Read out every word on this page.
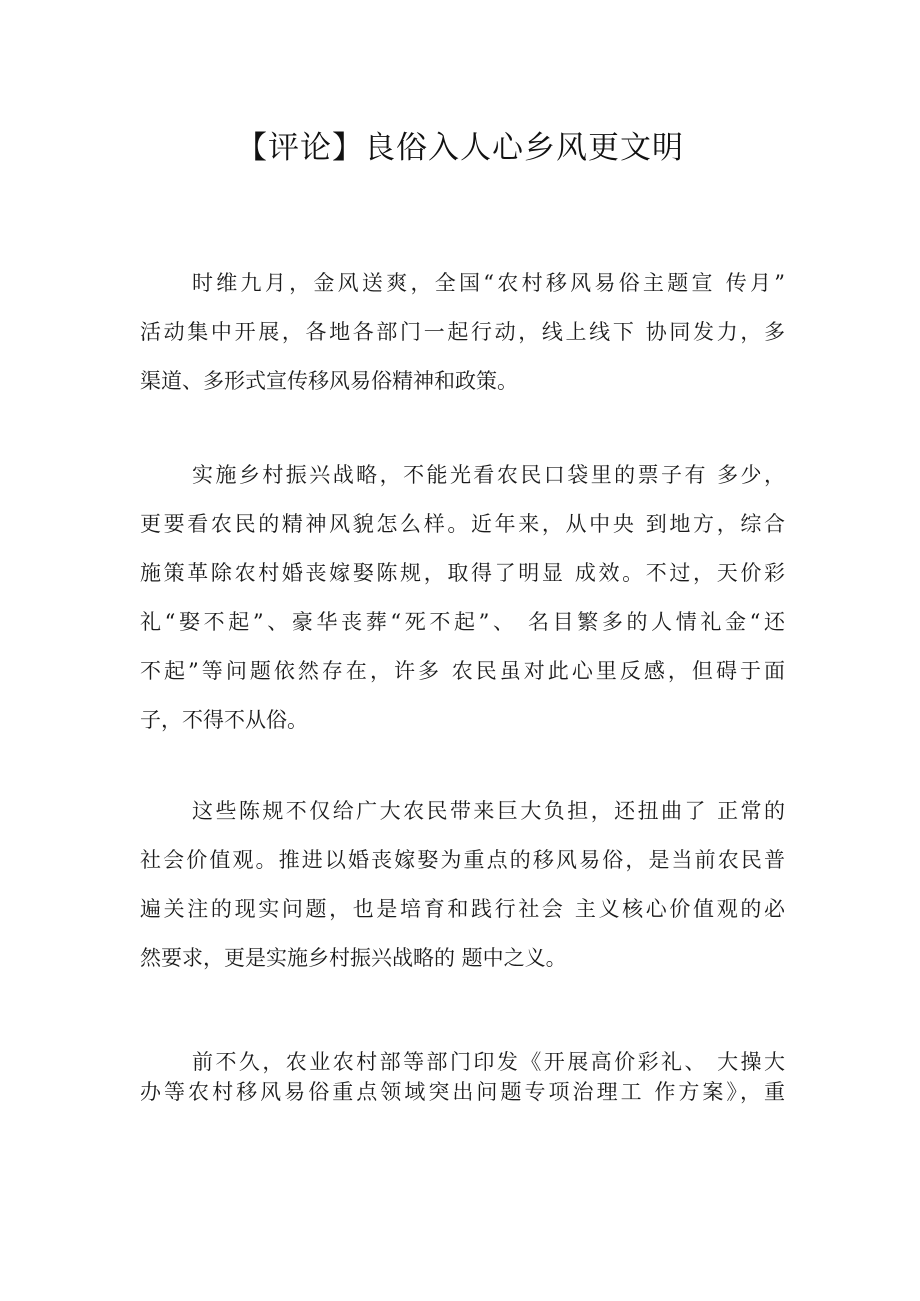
【评论】良俗入人心乡风更文明
时维九月，金风送爽，全国“农村移风易俗主题宣 传月”
活动集中开展，各地各部门一起行动，线上线下 协同发力，多
渠道、多形式宣传移风易俗精神和政策。
实施乡村振兴战略，不能光看农民口袋里的票子有 多少，
更要看农民的精神风貌怎么样。近年来，从中央 到地方，综合
施策革除农村婚丧嫁娶陈规，取得了明显 成效。不过，天价彩
礼“娶不起”、豪华丧葬“死不起”、 名目繁多的人情礼金“还
不起”等问题依然存在，许多 农民虽对此心里反感，但碍于面
子，不得不从俗。
这些陈规不仅给广大农民带来巨大负担，还扭曲了 正常的
社会价值观。推进以婚丧嫁娶为重点的移风易俗，是当前农民普
遍关注的现实问题，也是培育和践行社会 主义核心价值观的必
然要求，更是实施乡村振兴战略的 题中之义。
前不久，农业农村部等部门印发《开展高价彩礼、 大操大
办等农村移风易俗重点领域突出问题专项治理工 作方案》，重
